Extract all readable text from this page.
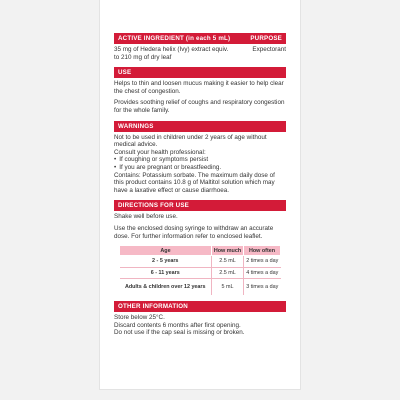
ACTIVE INGREDIENT (in each 5 mL)	PURPOSE
35 mg of Hedera helix (Ivy) extract equiv. to 210 mg of dry leaf
Expectorant
USE
Helps to thin and loosen mucus making it easier to help clear the chest of congestion.
Provides soothing relief of coughs and respiratory congestion for the whole family.
WARNINGS
Not to be used in children under 2 years of age without medical advice.
Consult your health professional:
• If coughing or symptoms persist
• If you are pregnant or breastfeeding.
Contains: Potassium sorbate. The maximum daily dose of this product contains 10.8 g of Maltitol solution which may have a laxative effect or cause diarrhoea.
DIRECTIONS FOR USE
Shake well before use.
Use the enclosed dosing syringe to withdraw an accurate dose. For further information refer to enclosed leaflet.
Age	How much	How often
2 - 5 years	2.5 mL	2 times a day
6 - 11 years	2.5 mL	4 times a day
Adults & children over 12 years	5 mL	3 times a day
OTHER INFORMATION
Store below 25°C.
Discard contents 6 months after first opening.
Do not use if the cap seal is missing or broken.
